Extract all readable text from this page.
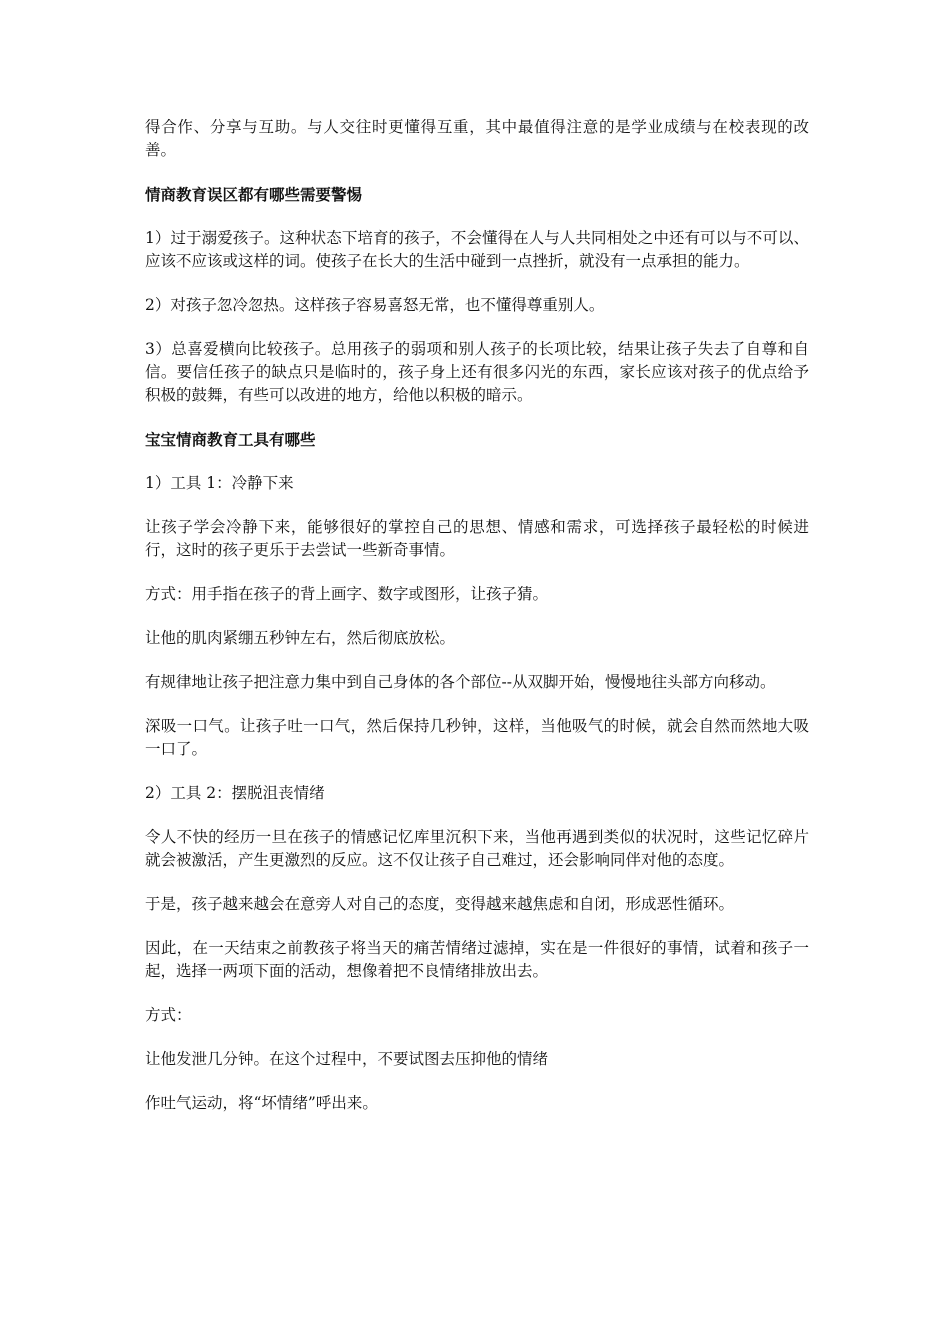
得合作、分享与互助。与人交往时更懂得互重，其中最值得注意的是学业成绩与在校表现的改善。

情商教育误区都有哪些需要警惕

1）过于溺爱孩子。这种状态下培育的孩子，不会懂得在人与人共同相处之中还有可以与不可以、应该不应该或这样的词。使孩子在长大的生活中碰到一点挫折，就没有一点承担的能力。

2）对孩子忽冷忽热。这样孩子容易喜怒无常，也不懂得尊重别人。

3）总喜爱横向比较孩子。总用孩子的弱项和别人孩子的长项比较，结果让孩子失去了自尊和自信。要信任孩子的缺点只是临时的，孩子身上还有很多闪光的东西，家长应该对孩子的优点给予积极的鼓舞，有些可以改进的地方，给他以积极的暗示。

宝宝情商教育工具有哪些

1）工具 1：冷静下来

让孩子学会冷静下来，能够很好的掌控自己的思想、情感和需求，可选择孩子最轻松的时候进行，这时的孩子更乐于去尝试一些新奇事情。

方式：用手指在孩子的背上画字、数字或图形，让孩子猜。

让他的肌肉紧绷五秒钟左右，然后彻底放松。

有规律地让孩子把注意力集中到自己身体的各个部位--从双脚开始，慢慢地往头部方向移动。

深吸一口气。让孩子吐一口气，然后保持几秒钟，这样，当他吸气的时候，就会自然而然地大吸一口了。

2）工具 2：摆脱沮丧情绪

令人不快的经历一旦在孩子的情感记忆库里沉积下来，当他再遇到类似的状况时，这些记忆碎片就会被激活，产生更激烈的反应。这不仅让孩子自己难过，还会影响同伴对他的态度。

于是，孩子越来越会在意旁人对自己的态度，变得越来越焦虑和自闭，形成恶性循环。

因此，在一天结束之前教孩子将当天的痛苦情绪过滤掉，实在是一件很好的事情，试着和孩子一起，选择一两项下面的活动，想像着把不良情绪排放出去。

方式：

让他发泄几分钟。在这个过程中，不要试图去压抑他的情绪

作吐气运动，将“坏情绪”呼出来。
